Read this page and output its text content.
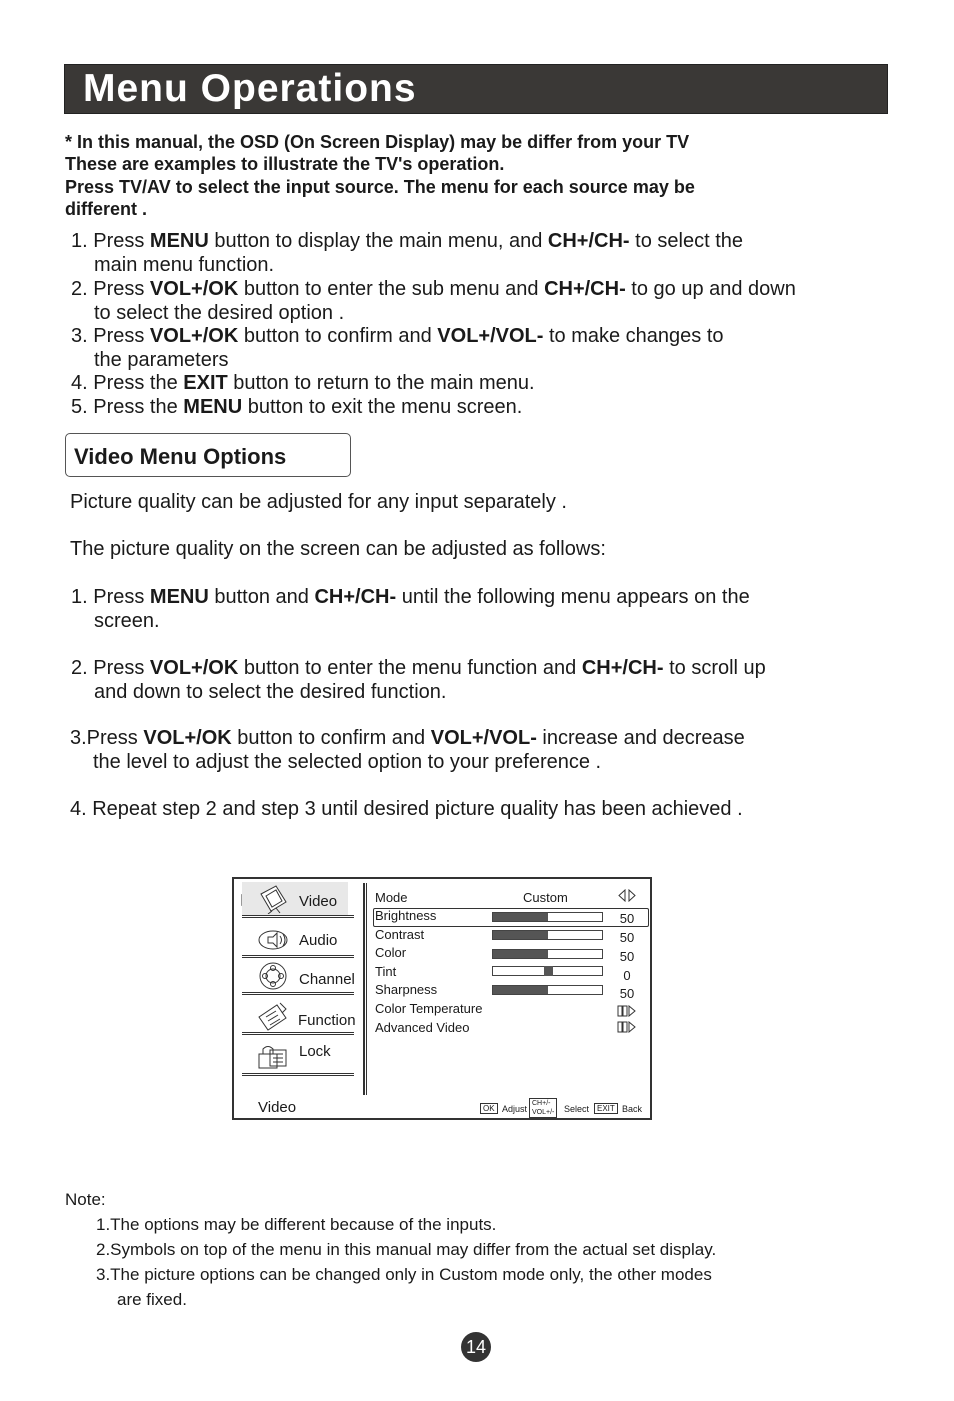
Menu Operations
* In this manual, the OSD (On Screen Display) may be differ from your TV
These are examples to illustrate the TV's operation.
Press TV/AV to select the input source. The menu for each source may be
different .
1. Press MENU button to display the main menu, and CH+/CH- to select the
main menu function.
2. Press VOL+/OK button to enter the sub menu and CH+/CH- to go up and down
to select the desired option .
3. Press VOL+/OK button to confirm and VOL+/VOL- to make changes to
the parameters
4. Press the EXIT button to return to the main menu.
5. Press the MENU button to exit the menu screen.
Video Menu Options
Picture quality can be adjusted for any input separately .
The picture quality on the screen can be adjusted as follows:
1. Press MENU button and CH+/CH- until the following menu appears on the
screen.
2. Press VOL+/OK button to enter the menu function and CH+/CH- to scroll up
and down to select the desired function.
3.Press VOL+/OK button to confirm and VOL+/VOL- increase and decrease
the level to adjust the selected option to your preference .
4. Repeat step 2 and step 3 until desired picture quality has been achieved .
Video
Audio
Channel
Function
Lock
Mode	Custom
Brightness	50
Contrast	50
Color	50
Tint	0
Sharpness	50
Color Temperature
Advanced Video
Video	OK Adjust
CH+/-
VOL+/-	Select EXIT Back
Note:
1.The options may be different because of the inputs.
2.Symbols on top of the menu in this manual may differ from the actual set display.
3.The picture options can be changed only in Custom mode only, the other modes
are fixed.
14
